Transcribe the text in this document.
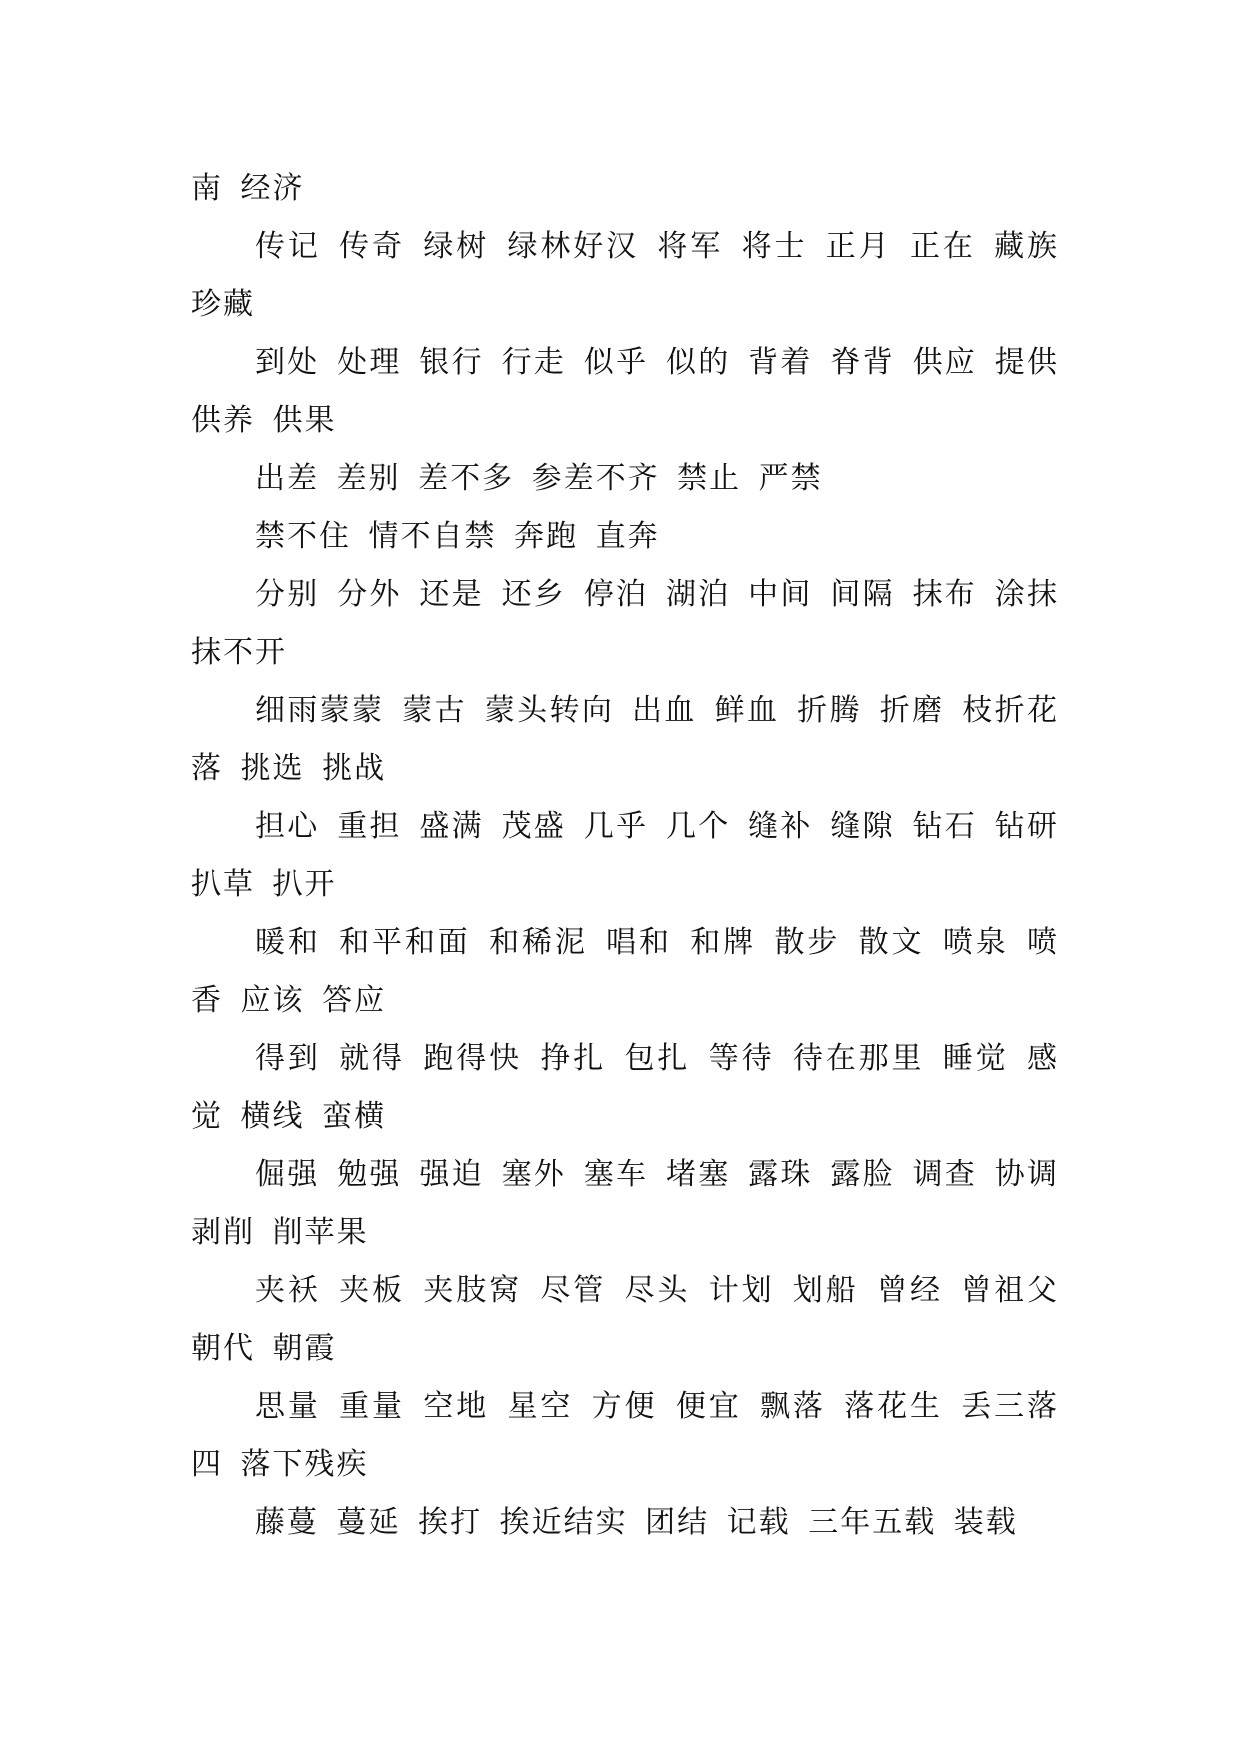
南 经济

传记 传奇 绿树 绿林好汉 将军 将士 正月 正在 藏族 珍藏

到处 处理 银行 行走 似乎 似的 背着 脊背 供应 提供 供养 供果

出差 差别 差不多 参差不齐 禁止 严禁

禁不住 情不自禁 奔跑 直奔

分别 分外 还是 还乡 停泊 湖泊 中间 间隔 抹布 涂抹 抹不开

细雨蒙蒙 蒙古 蒙头转向 出血 鲜血 折腾 折磨 枝折花落 挑选 挑战

担心 重担 盛满 茂盛 几乎 几个 缝补 缝隙 钻石 钻研 扒草 扒开

暖和 和平和面 和稀泥 唱和 和牌 散步 散文 喷泉 喷香 应该 答应

得到 就得 跑得快 挣扎 包扎 等待 待在那里 睡觉 感觉 横线 蛮横

倔强 勉强 强迫 塞外 塞车 堵塞 露珠 露脸 调查 协调 剥削 削苹果

夹袄 夹板 夹肢窝 尽管 尽头 计划 划船 曾经 曾祖父 朝代 朝霞

思量 重量 空地 星空 方便 便宜 飘落 落花生 丢三落四 落下残疾

藤蔓 蔓延 挨打 挨近结实 团结 记载 三年五载 装载
